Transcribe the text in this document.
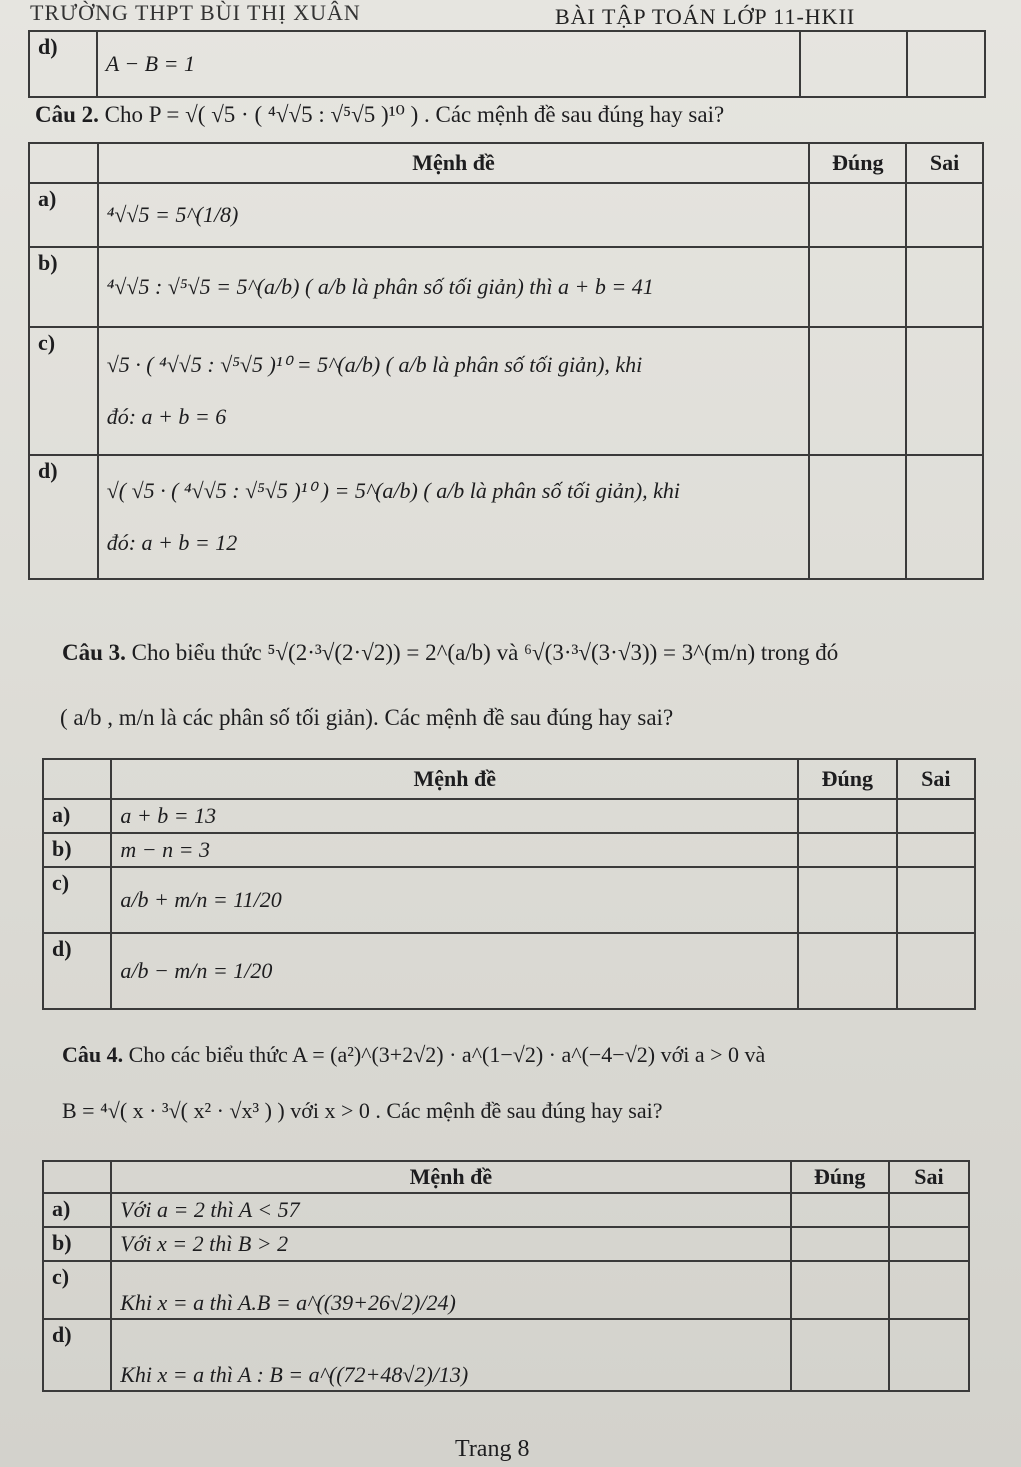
TRƯỜNG THPT BÙI THỊ XUÂN	BÀI TẬP TOÁN LỚP 11-HKII
d)	A − B = 1		
Câu 2. Cho P = √( √5 · ( ⁴√√5 : √⁵√5 )¹⁰ ) . Các mệnh đề sau đúng hay sai?
	Mệnh đề	Đúng	Sai
a)	⁴√√5 = 5^(1/8)		
b)	⁴√√5 : √⁵√5 = 5^(a/b) ( a/b là phân số tối giản) thì a + b = 41		
c)	√5 · ( ⁴√√5 : √⁵√5 )¹⁰ = 5^(a/b) ( a/b là phân số tối giản), khi
đó: a + b = 6		

d)	√( √5 · ( ⁴√√5 : √⁵√5 )¹⁰ ) = 5^(a/b) ( a/b là phân số tối giản), khi
đó: a + b = 12		

Câu 3. Cho biểu thức ⁵√(2·³√(2·√2)) = 2^(a/b) và ⁶√(3·³√(3·√3)) = 3^(m/n) trong đó
( a/b , m/n là các phân số tối giản). Các mệnh đề sau đúng hay sai?
	Mệnh đề	Đúng	Sai
a)	a + b = 13		
b)	m − n = 3		
c)	a/b + m/n = 11/20		
d)	a/b − m/n = 1/20		
Câu 4. Cho các biểu thức A = (a²)^(3+2√2) · a^(1−√2) · a^(−4−√2) với a > 0 và
B = ⁴√( x · ³√( x² · √x³ ) ) với x > 0 . Các mệnh đề sau đúng hay sai?
	Mệnh đề	Đúng	Sai
a)	Với a = 2 thì A < 57		
b)	Với x = 2 thì B > 2		
c)	Khi x = a thì A.B = a^((39+26√2)/24)		
d)	Khi x = a thì A : B = a^((72+48√2)/13)		
Trang 8
